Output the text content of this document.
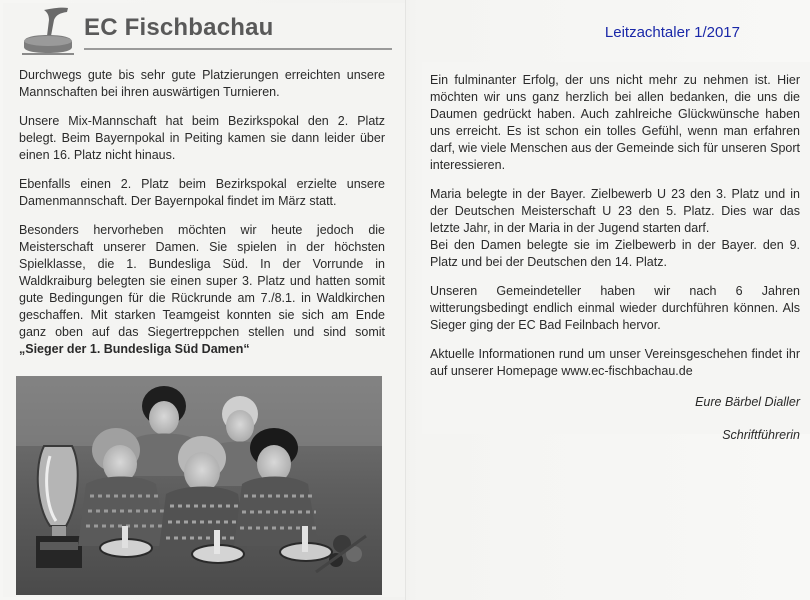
EC Fischbachau	Leitzachtaler 1/2017

Durchwegs gute bis sehr gute Platzierungen erreichten unsere Mannschaften bei ihren auswärtigen Turnieren.

Unsere Mix-Mannschaft hat beim Bezirkspokal den 2. Platz belegt. Beim Bayernpokal in Peiting kamen sie dann leider über einen 16. Platz nicht hinaus.

Ebenfalls einen 2. Platz beim Bezirkspokal erzielte unsere Damenmannschaft. Der Bayernpokal findet im März statt.

Besonders hervorheben möchten wir heute jedoch die Meisterschaft unserer Damen. Sie spielen in der höchsten Spielklasse, die 1. Bundesliga Süd. In der Vorrunde in Waldkraiburg belegten sie einen super 3. Platz und hatten somit gute Bedingungen für die Rückrunde am 7./8.1. in Waldkirchen geschaffen. Mit starken Teamgeist konnten sie sich am Ende ganz oben auf das Siegertreppchen stellen und sind somit „Sieger der 1. Bundesliga Süd Damen“

Ein fulminanter Erfolg, der uns nicht mehr zu nehmen ist. Hier möchten wir uns ganz herzlich bei allen bedanken, die uns die Daumen gedrückt haben. Auch zahlreiche Glückwünsche haben uns erreicht. Es ist schon ein tolles Gefühl, wenn man erfahren darf, wie viele Menschen aus der Gemeinde sich für unseren Sport interessieren.

Maria belegte in der Bayer. Zielbewerb U 23 den 3. Platz und in der Deutschen Meisterschaft U 23 den 5. Platz. Dies war das letzte Jahr, in der Maria in der Jugend starten darf.

Bei den Damen belegte sie im Zielbewerb in der Bayer. den 9. Platz und bei der Deutschen den 14. Platz.

Unseren Gemeindeteller haben wir nach 6 Jahren witterungsbedingt endlich einmal wieder durchführen können. Als Sieger ging der EC Bad Feilnbach hervor.

Aktuelle Informationen rund um unser Vereinsgeschehen findet ihr auf unserer Homepage www.ec-fischbachau.de

Eure Bärbel Dialler

Schriftführerin
